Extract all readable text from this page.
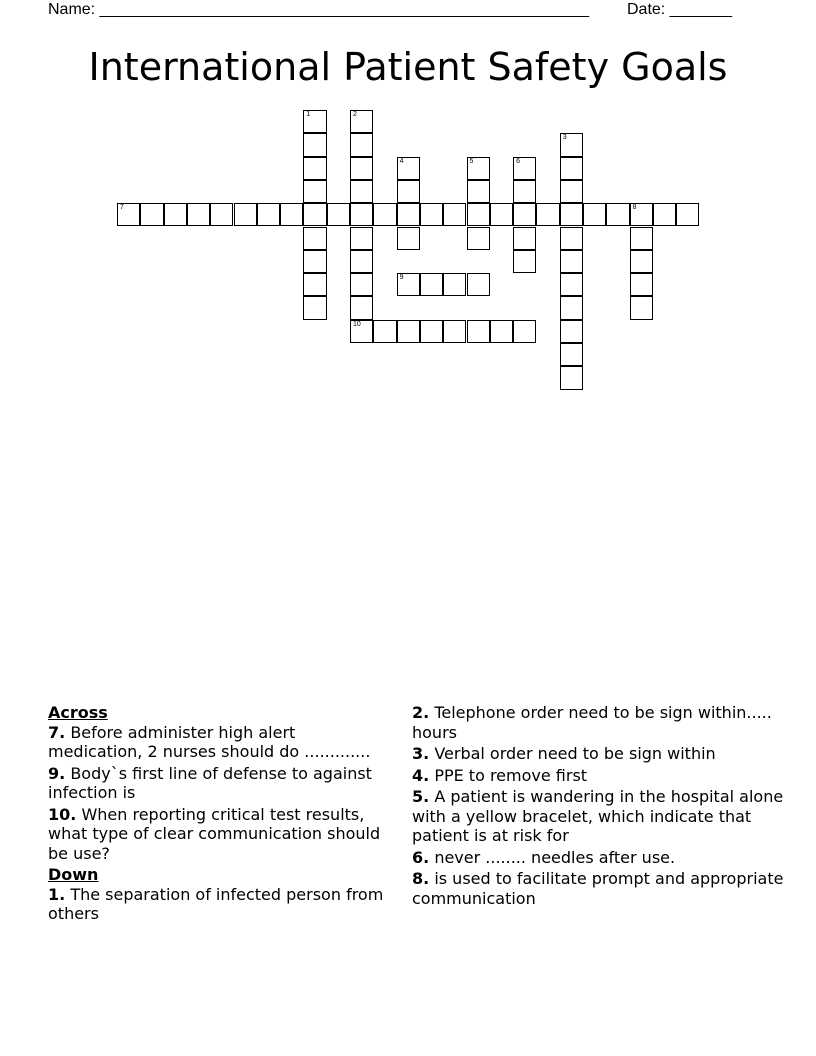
Name: _______________________________________________________ Date: _______
International Patient Safety Goals
1	2
10
3
4	5	6
7	8
9
Across
7. Before administer high alert medication, 2 nurses should do .............
9. Body`s first line of defense to against infection is
10. When reporting critical test results, what type of clear communication should be use?
Down
1. The separation of infected person from others
2. Telephone order need to be sign within..... hours
3. Verbal order need to be sign within
4. PPE to remove first
5. A patient is wandering in the hospital alone with a yellow bracelet, which indicate that patient is at risk for
6. never ........ needles after use.
8. is used to facilitate prompt and appropriate communication
